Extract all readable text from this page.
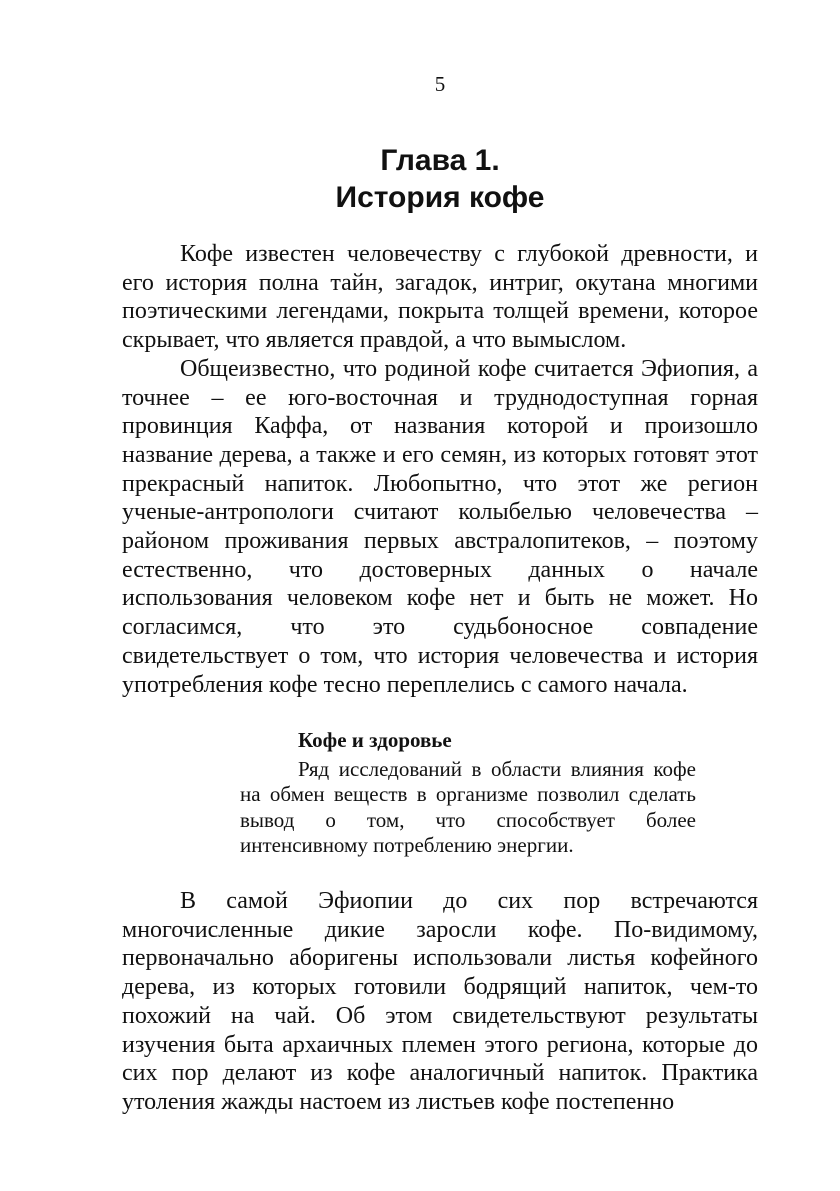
5
Глава 1.
История кофе

Кофе известен человечеству с глубокой древности, и его история полна тайн, загадок, интриг, окутана многими поэтическими легендами, покрыта толщей времени, которое скрывает, что является правдой, а что вымыслом.

Общеизвестно, что родиной кофе считается Эфиопия, а точнее – ее юго-восточная и труднодоступная горная провинция Каффа, от названия которой и произошло название дерева, а также и его семян, из которых готовят этот прекрасный напиток. Любопытно, что этот же регион ученые-антропологи считают колыбелью человечества – районом проживания первых австралопитеков, – поэтому естественно, что достоверных данных о начале использования человеком кофе нет и быть не может. Но согласимся, что это судьбоносное совпадение свидетельствует о том, что история человечества и история употребления кофе тесно переплелись с самого начала.

Кофе и здоровье

Ряд исследований в области влияния кофе на обмен веществ в организме позволил сделать вывод о том, что способствует более интенсивному потреблению энергии.

В самой Эфиопии до сих пор встречаются многочисленные дикие заросли кофе. По-видимому, первоначально аборигены использовали листья кофейного дерева, из которых готовили бодрящий напиток, чем-то похожий на чай. Об этом свидетельствуют результаты изучения быта архаичных племен этого региона, которые до сих пор делают из кофе аналогичный напиток. Практика утоления жажды настоем из листьев кофе постепенно
